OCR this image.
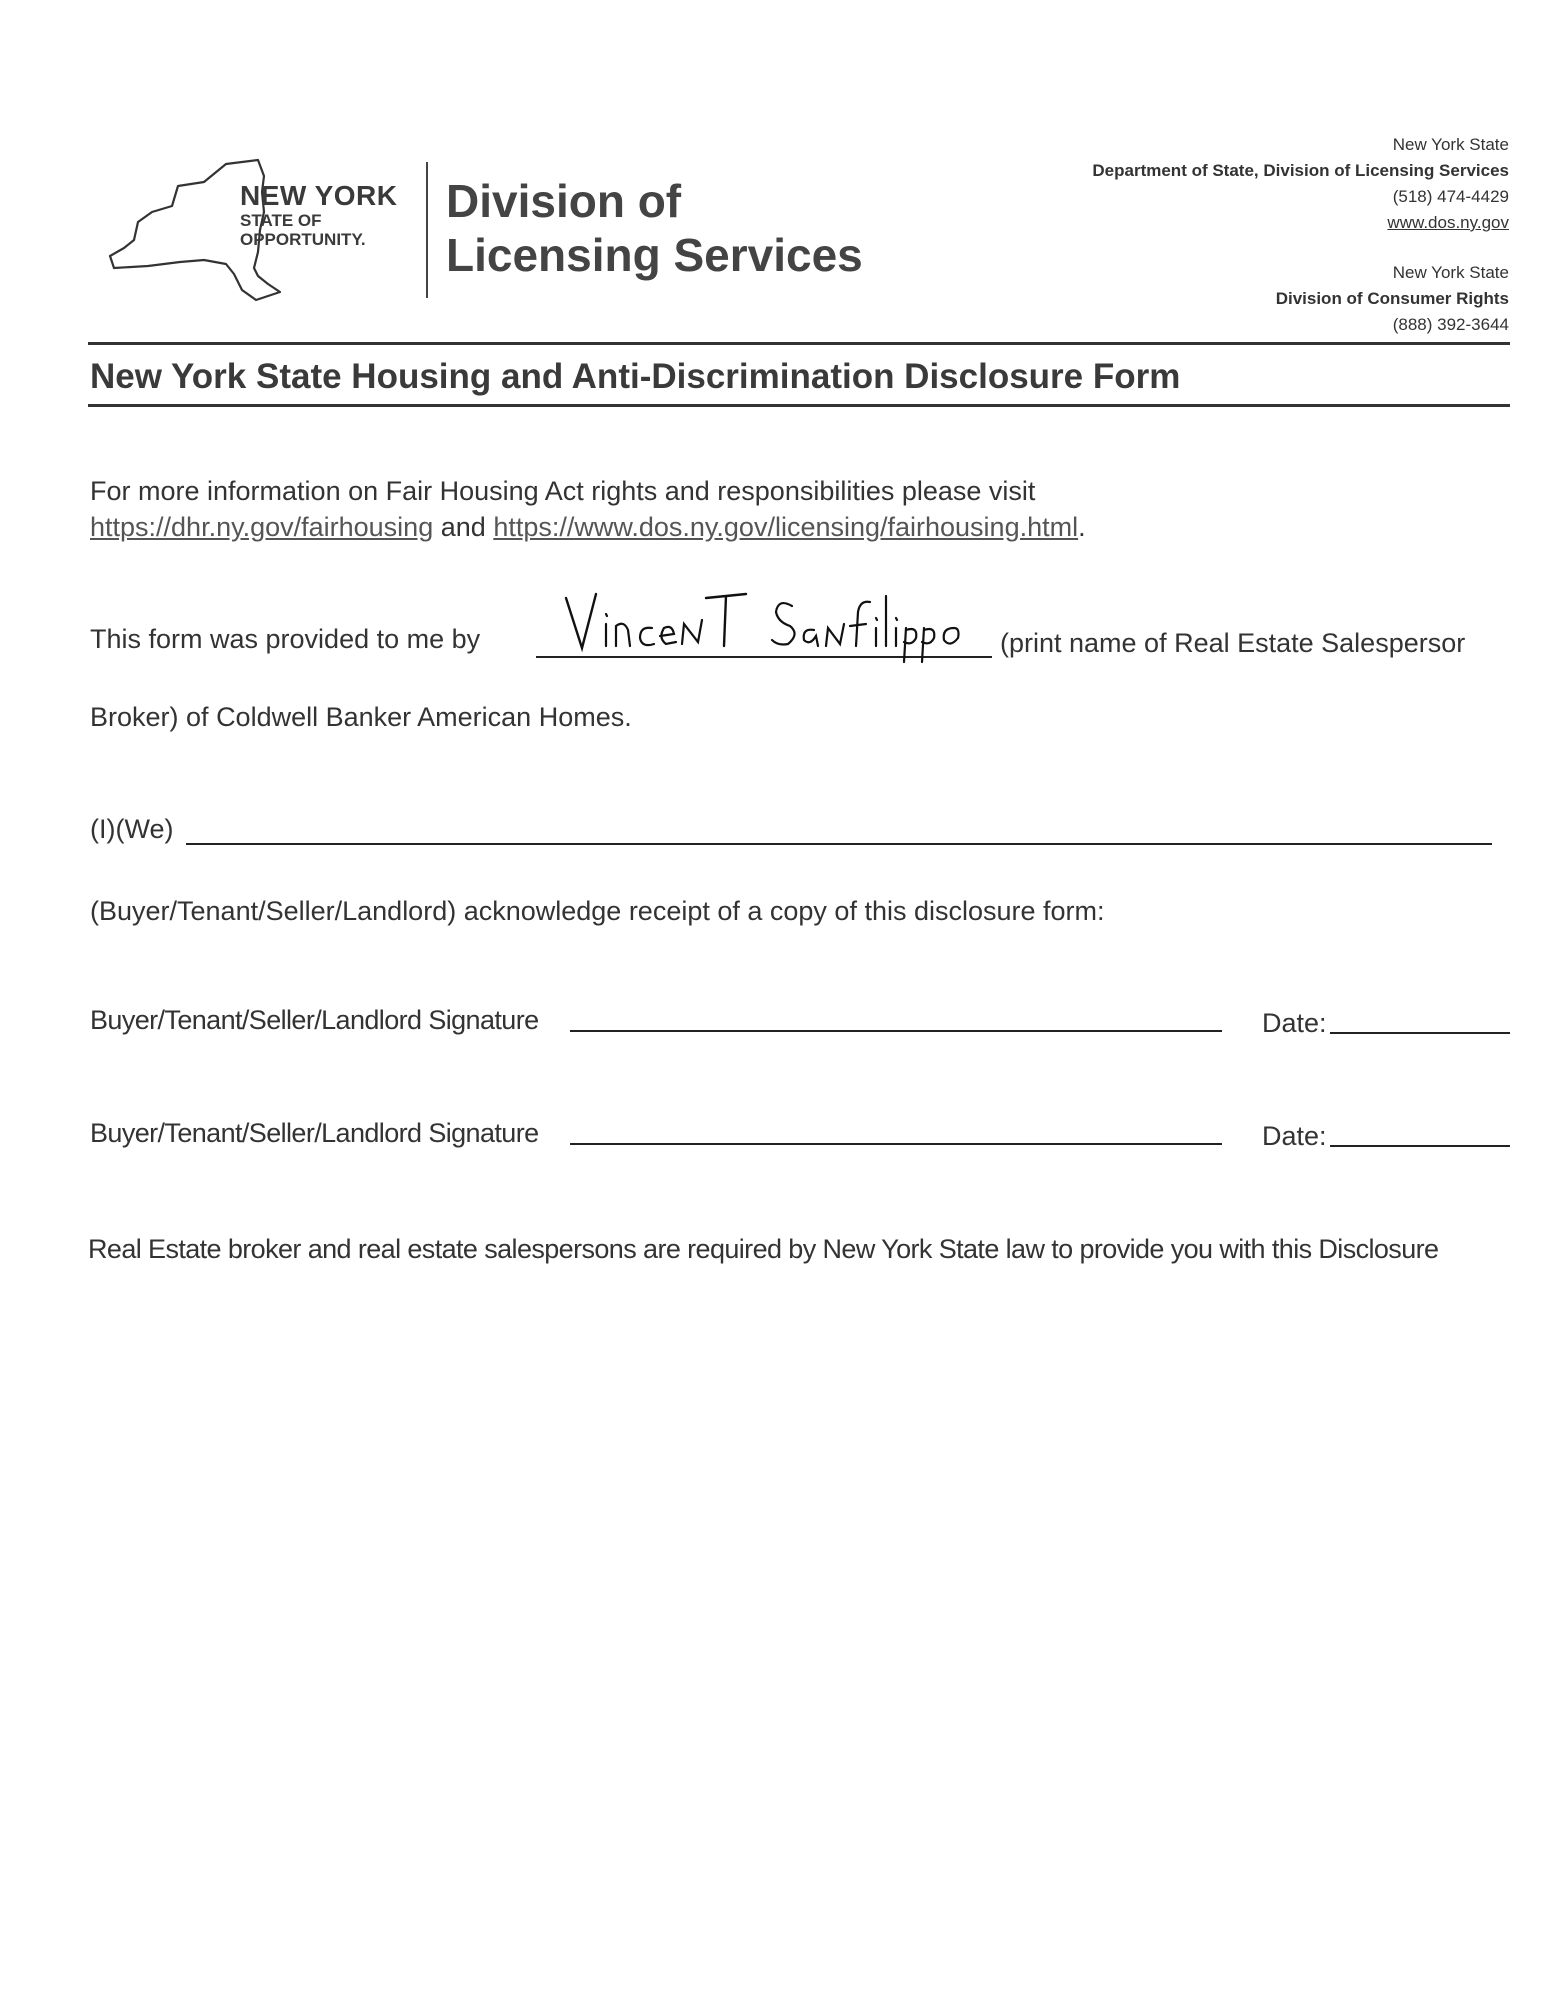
NEW YORK
STATE OF
OPPORTUNITY.
Division of
Licensing Services
New York State
Department of State, Division of Licensing Services
(518) 474-4429
www.dos.ny.gov
New York State
Division of Consumer Rights
(888) 392-3644
New York State Housing and Anti-Discrimination Disclosure Form
For more information on Fair Housing Act rights and responsibilities please visit
https://dhr.ny.gov/fairhousing and https://www.dos.ny.gov/licensing/fairhousing.html.
This form was provided to me by	(print name of Real Estate Salespersor
Broker) of Coldwell Banker American Homes.
(I)(We)
(Buyer/Tenant/Seller/Landlord) acknowledge receipt of a copy of this disclosure form:
Buyer/Tenant/Seller/Landlord Signature	Date:
Buyer/Tenant/Seller/Landlord Signature	Date:
Real Estate broker and real estate salespersons are required by New York State law to provide you with this Disclosure
